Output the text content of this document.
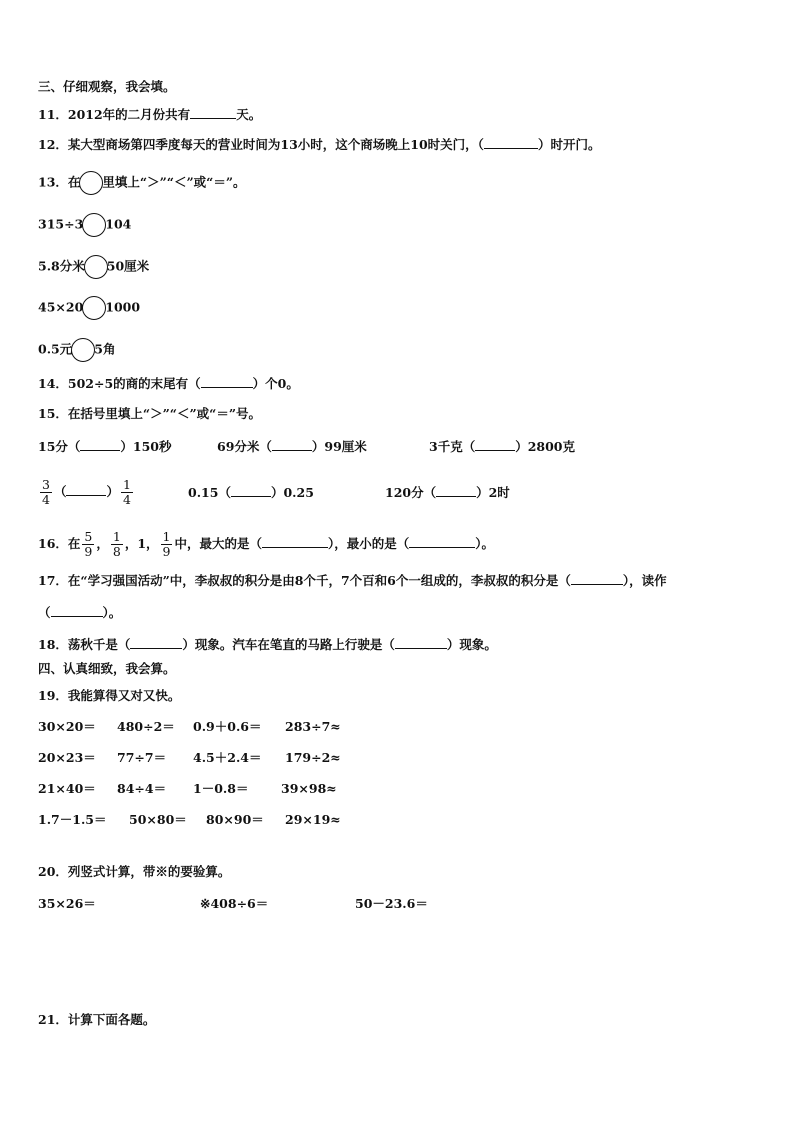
三、仔细观察，我会填。
11．2012年的二月份共有	天。
12．某大型商场第四季度每天的营业时间为13小时，这个商场晚上10时关门，（	）时开门。
13．在 里填上“＞”“＜”或“＝”。
315÷3 104
5.8分米 50厘米
45×20 1000
0.5元 5角
14．502÷5的商的末尾有（	）个0。
15．在括号里填上“＞”“＜”或“＝”号。
15分（	）150秒	69分米（	）99厘米	3千克（	）2800克
$\frac{3}{4}$ （	） $\frac{1}{4}$	0.15（	）0.25	120分（	）2时
16．在 $\frac{5}{9}$ ， $\frac{1}{8}$ ，1， $\frac{1}{9}$ 中，最大的是（	），最小的是（	）。
17．在“学习强国活动”中，李叔叔的积分是由8个千，7个百和6个一组成的，李叔叔的积分是（	），读作
（	）。
18．荡秋千是（	）现象。汽车在笔直的马路上行驶是（	）现象。
四、认真细致，我会算。
19．我能算得又对又快。
30×20＝ 480÷2＝ 0.9＋0.6＝ 283÷7≈
20×23＝ 77÷7＝ 4.5＋2.4＝ 179÷2≈
21×40＝ 84÷4＝ 1－0.8＝	39×98≈
1.7－1.5＝ 50×80＝ 80×90＝ 29×19≈
20．列竖式计算，带※的要验算。
35×26＝	※408÷6＝	50－23.6＝
21．计算下面各题。
